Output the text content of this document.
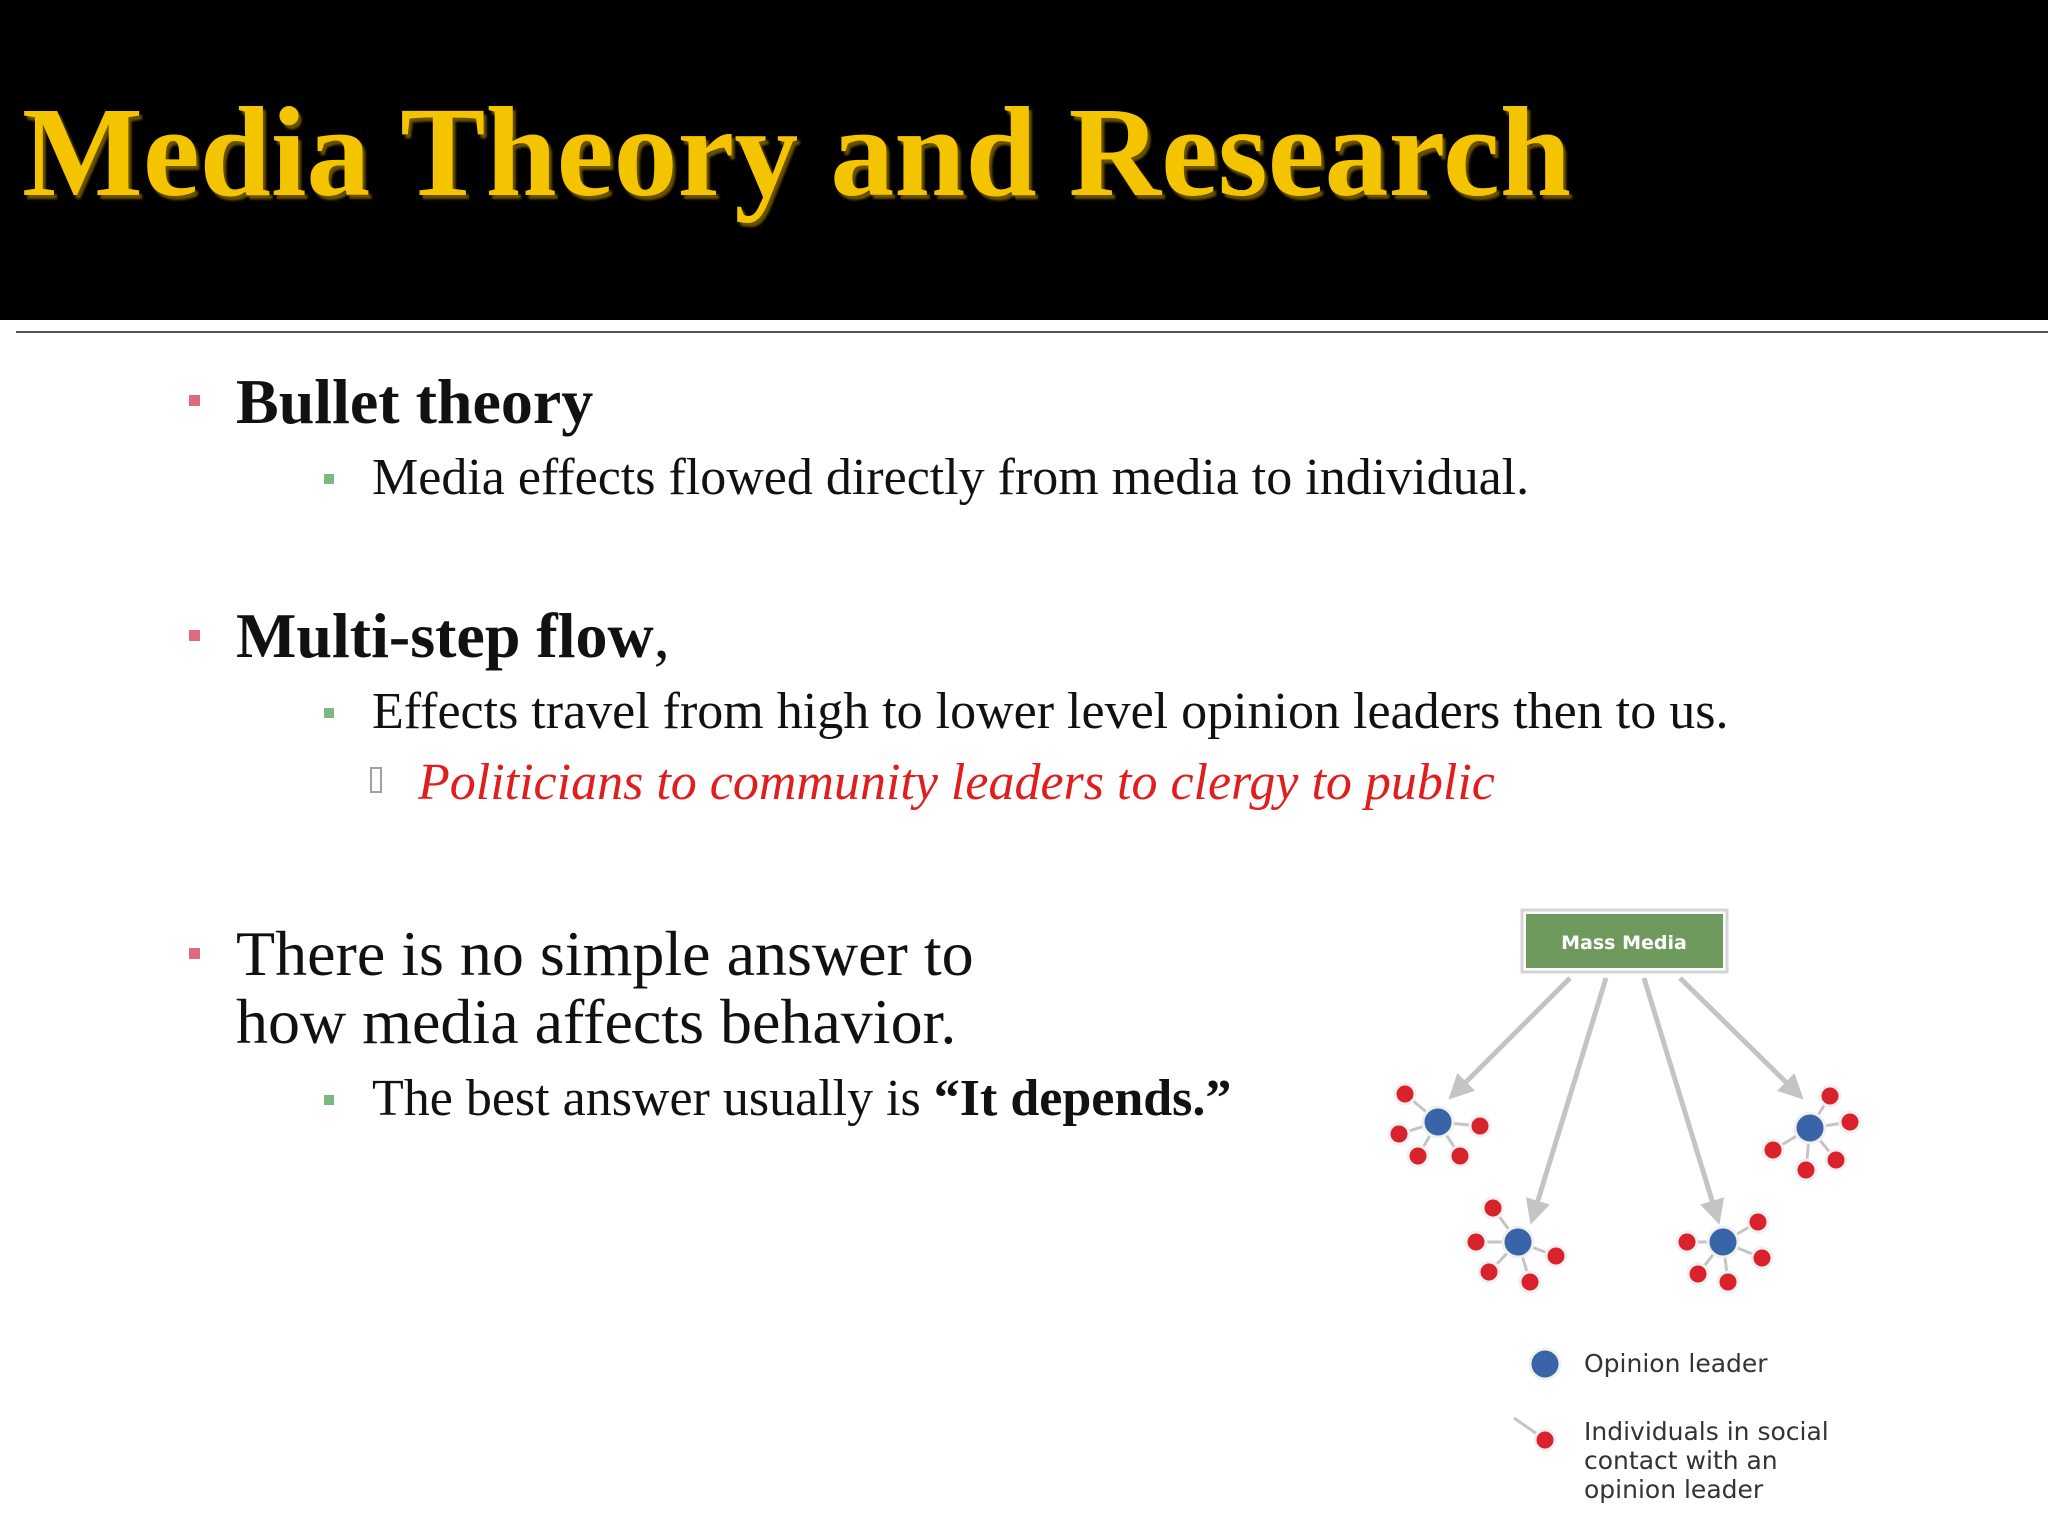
Media Theory and Research
Bullet theory
Media effects flowed directly from media to individual.
Multi-step flow,
Effects travel from high to lower level opinion leaders then to us.
Politicians to community leaders to clergy to public
There is no simple answer to
how media affects behavior.
The best answer usually is “It depends.”
Mass Media
Opinion leader
Individuals in social
contact with an
opinion leader
